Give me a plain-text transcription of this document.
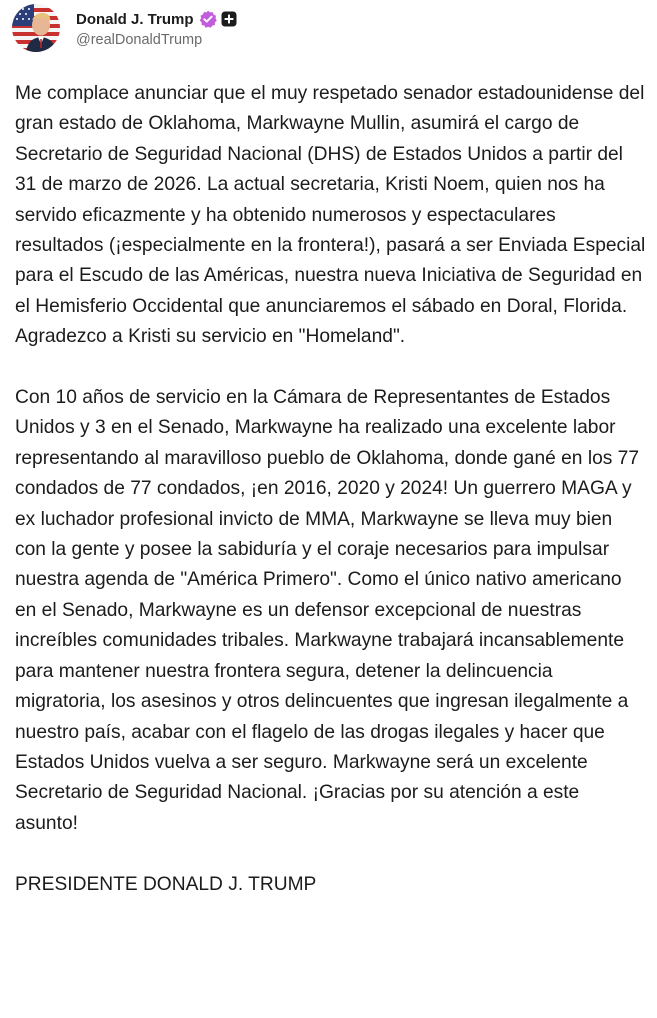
Donald J. Trump
@realDonaldTrump

Me complace anunciar que el muy respetado senador estadounidense del gran estado de Oklahoma, Markwayne Mullin, asumirá el cargo de Secretario de Seguridad Nacional (DHS) de Estados Unidos a partir del 31 de marzo de 2026. La actual secretaria, Kristi Noem, quien nos ha servido eficazmente y ha obtenido numerosos y espectaculares resultados (¡especialmente en la frontera!), pasará a ser Enviada Especial para el Escudo de las Américas, nuestra nueva Iniciativa de Seguridad en el Hemisferio Occidental que anunciaremos el sábado en Doral, Florida. Agradezco a Kristi su servicio en "Homeland".

Con 10 años de servicio en la Cámara de Representantes de Estados Unidos y 3 en el Senado, Markwayne ha realizado una excelente labor representando al maravilloso pueblo de Oklahoma, donde gané en los 77 condados de 77 condados, ¡en 2016, 2020 y 2024! Un guerrero MAGA y ex luchador profesional invicto de MMA, Markwayne se lleva muy bien con la gente y posee la sabiduría y el coraje necesarios para impulsar nuestra agenda de "América Primero". Como el único nativo americano en el Senado, Markwayne es un defensor excepcional de nuestras increíbles comunidades tribales. Markwayne trabajará incansablemente para mantener nuestra frontera segura, detener la delincuencia migratoria, los asesinos y otros delincuentes que ingresan ilegalmente a nuestro país, acabar con el flagelo de las drogas ilegales y hacer que Estados Unidos vuelva a ser seguro. Markwayne será un excelente Secretario de Seguridad Nacional. ¡Gracias por su atención a este asunto!

PRESIDENTE DONALD J. TRUMP
